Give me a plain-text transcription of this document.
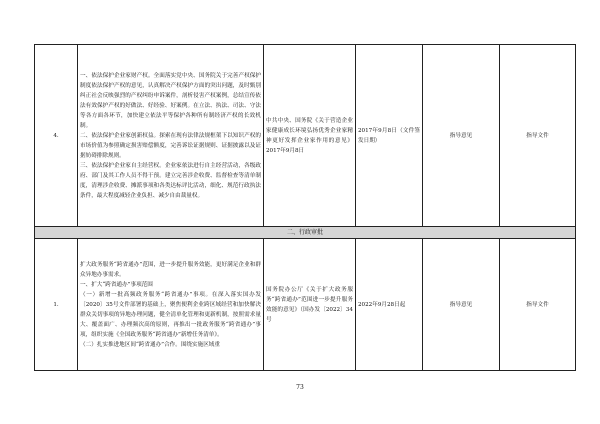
4.	一、依法保护企业家财产权。全面落实党中央、国务院关于完善产权保护制度依法保护产权的意见，认真解决产权保护方面的突出问题，及时甄别纠正社会反映强烈的产权纠纷申诉案件，剖析侵害产权案例，总结宣传依法有效保护产权的好做法、好经验、好案例。在立法、执法、司法、守法等各方面各环节，加快建立依法平等保护各种所有制经济产权的长效机制。

二、依法保护企业家创新权益。探索在现有法律法规框架下以知识产权的市场价值为参照确定损害赔偿额度，完善诉讼证据规则、证据披露以及证据妨碍排除规则。

三、依法保护企业家自主经营权。企业家依法进行自主经营活动，各级政府、部门及其工作人员不得干预。建立完善涉企收费、监督检查等清单制度，清理涉企收费、摊派事项和各类达标评比活动，细化、规范行政执法条件，最大程度减轻企业负担、减少自由裁量权。	中共中央、国务院《关于营造企业家健康成长环境弘扬优秀企业家精神更好发挥企业家作用的意见》2017年9月8日	2017年9月8日（文件签发日期）	指导意见	指导文件
二、行政审批					
1.	扩大政务服务“跨省通办”范围，进一步提升服务效能，更好满足企业和群众异地办事需求。

一、扩大“跨省通办”事项范围

（一）新增一批高频政务服务“跨省通办”事项。在深入落实国办发〔2020〕35号文件部署的基础上，聚焦便利企业跨区域经营和加快解决群众关切事项的异地办理问题，健全清单化管理和更新机制，按照需求量大、覆盖面广、办理频次高的原则，再推出一批政务服务“跨省通办”事项，组织实施《全国政务服务“跨省通办”新增任务清单》。

（二）扎实推进地区间“跨省通办”合作。围绕实施区域重	国务院办公厅《关于扩大政务服务“跨省通办”范围进一步提升服务效能的意见》（国办发〔2022〕34号	2022年9月28日起	指导意见	指导文件
73
